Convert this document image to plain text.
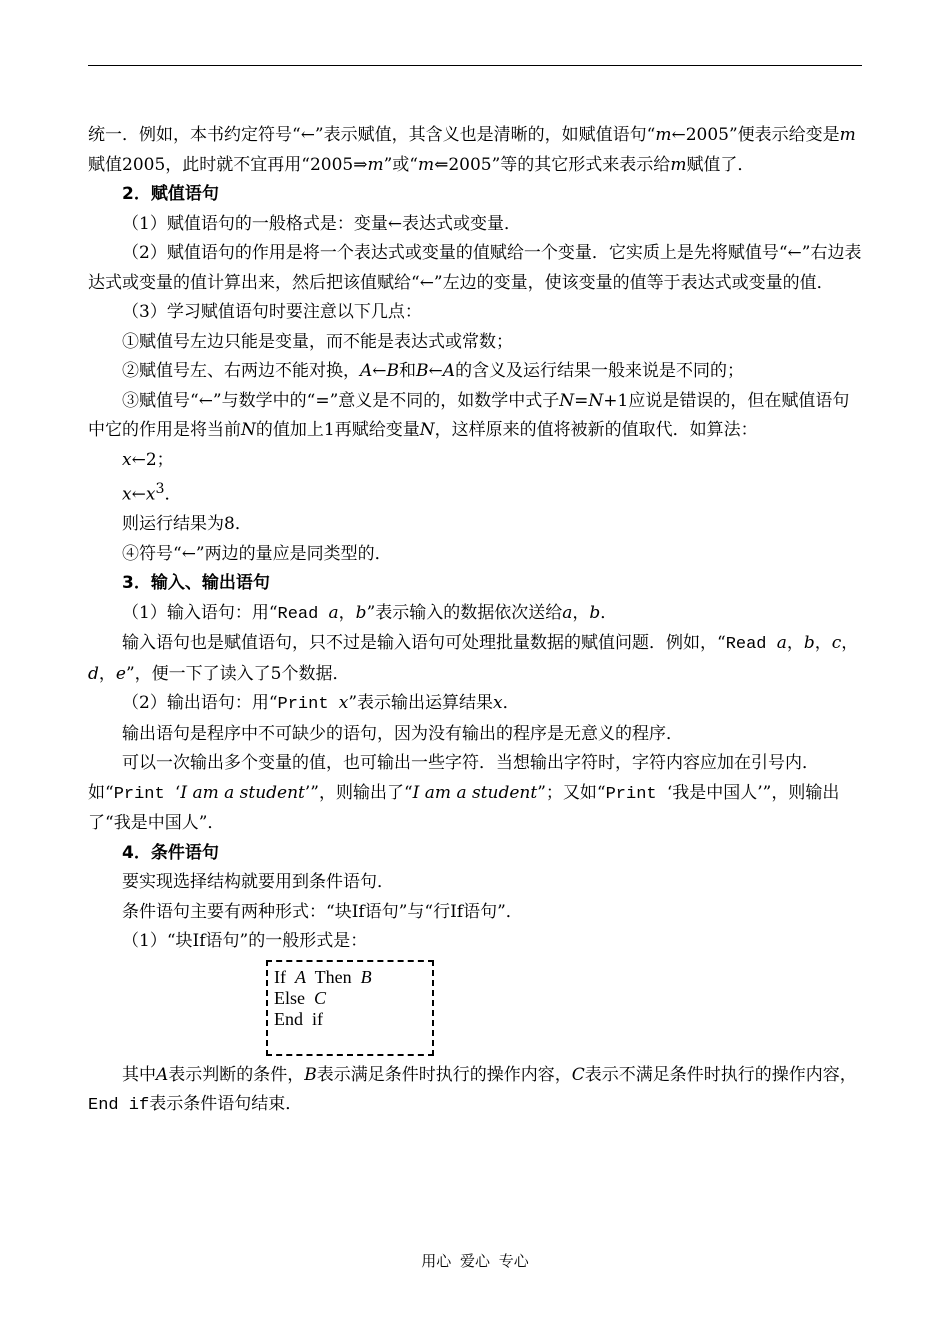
统一．例如，本书约定符号“←”表示赋值，其含义也是清晰的，如赋值语句“m←2005”便表示给变是m赋值2005，此时就不宜再用“2005⇒m”或“m⇐2005”等的其它形式来表示给m赋值了．

2．赋值语句

（1）赋值语句的一般格式是：变量←表达式或变量．

（2）赋值语句的作用是将一个表达式或变量的值赋给一个变量．它实质上是先将赋值号“←”右边表达式或变量的值计算出来，然后把该值赋给“←”左边的变量，使该变量的值等于表达式或变量的值．

（3）学习赋值语句时要注意以下几点：

①赋值号左边只能是变量，而不能是表达式或常数；

②赋值号左、右两边不能对换，A←B和B←A的含义及运行结果一般来说是不同的；

③赋值号“←”与数学中的“=”意义是不同的，如数学中式子N=N+1应说是错误的，但在赋值语句中它的作用是将当前N的值加上1再赋给变量N，这样原来的值将被新的值取代．如算法：

x←2；

$x\leftarrow x^3$．

则运行结果为8．

④符号“←”两边的量应是同类型的．

3．输入、输出语句

（1）输入语句：用“Read a，b”表示输入的数据依次送给a，b．

输入语句也是赋值语句，只不过是输入语句可处理批量数据的赋值问题．例如，“Read a，b，c，d，e”，便一下了读入了5个数据．

（2）输出语句：用“Print x”表示输出运算结果x．

输出语句是程序中不可缺少的语句，因为没有输出的程序是无意义的程序．

可以一次输出多个变量的值，也可输出一些字符．当想输出字符时，字符内容应加在引号内．如“Print ‘I am a student’”，则输出了“I am a student”；又如“Print ‘我是中国人’”，则输出了“我是中国人”．

4．条件语句

要实现选择结构就要用到条件语句．

条件语句主要有两种形式：“块If语句”与“行If语句”．

（1）“块If语句”的一般形式是：

If  A  Then  B
Else  C
End  if

其中A表示判断的条件，B表示满足条件时执行的操作内容，C表示不满足条件时执行的操作内容，End if表示条件语句结束．

用心 爱心 专心
